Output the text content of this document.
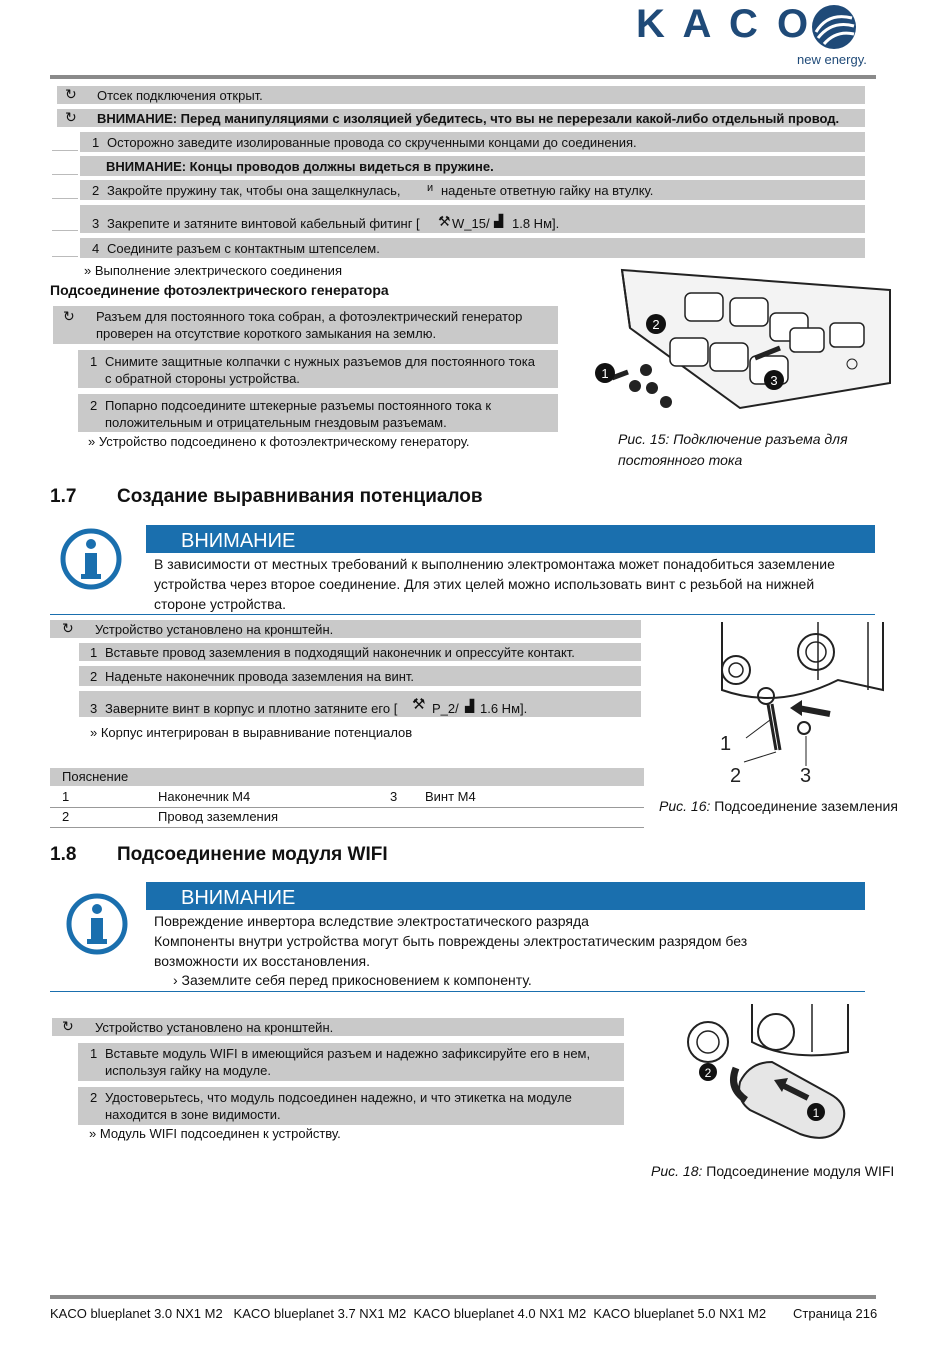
K A C O
new energy.
↻ Отсек подключения открыт.
↻ ВНИМАНИЕ: Перед манипуляциями с изоляцией убедитесь, что вы не перерезали какой-либо отдельный провод.
1 Осторожно заведите изолированные провода со скрученными концами до соединения.
ВНИМАНИЕ: Концы проводов должны видеться в пружине.
2 Закройте пружину так, чтобы она защелкнулась, и наденьте ответную гайку на втулку.
3 Закрепите и затяните винтовой кабельный фитинг [ ⚒ W_15/ ▟ 1.8 Нм].
4 Соедините разъем с контактным штепселем.
» Выполнение электрического соединения
Подсоединение фотоэлектрического генератора
↻ Разъем для постоянного тока собран, а фотоэлектрический генератор проверен на отсутствие короткого замыкания на землю.
1 Снимите защитные колпачки с нужных разъемов для постоянного тока с обратной стороны устройства.
2 Попарно подсоедините штекерные разъемы постоянного тока к положительным и отрицательным гнездовым разъемам.
» Устройство подсоединено к фотоэлектрическому генератору.
1
2
3
Рис. 15: Подключение разъема для постоянного тока
1.7 Создание выравнивания потенциалов
ВНИМАНИЕ
В зависимости от местных требований к выполнению электромонтажа может понадобиться заземление устройства через второе соединение. Для этих целей можно использовать винт с резьбой на нижней стороне устройства.
↻ Устройство установлено на кронштейн.
1 Вставьте провод заземления в подходящий наконечник и опрессуйте контакт.
2 Наденьте наконечник провода заземления на винт.
3 Заверните винт в корпус и плотно затяните его [ ⚒ P_2/ ▟ 1.6 Нм].
» Корпус интегрирован в выравнивание потенциалов
Пояснение
1	Наконечник М4	3 Винт М4
2	Провод заземления
1
2	3
Рис. 16: Подсоединение заземления
1.8 Подсоединение модуля WIFI
ВНИМАНИЕ
Повреждение инвертора вследствие электростатического разряда
Компоненты внутри устройства могут быть повреждены электростатическим разрядом без возможности их восстановления.
› Заземлите себя перед прикосновением к компоненту.
↻ Устройство установлено на кронштейн.
1 Вставьте модуль WIFI в имеющийся разъем и надежно зафиксируйте его в нем, используя гайку на модуле.
2 Удостоверьтесь, что модуль подсоединен надежно, и что этикетка на модуле находится в зоне видимости.
» Модуль WIFI подсоединен к устройству.
2
1
Рис. 18: Подсоединение модуля WIFI
KACO blueplanet 3.0 NX1 M2   KACO blueplanet 3.7 NX1 M2  KACO blueplanet 4.0 NX1 M2  KACO blueplanet 5.0 NX1 M2 Страница 216
